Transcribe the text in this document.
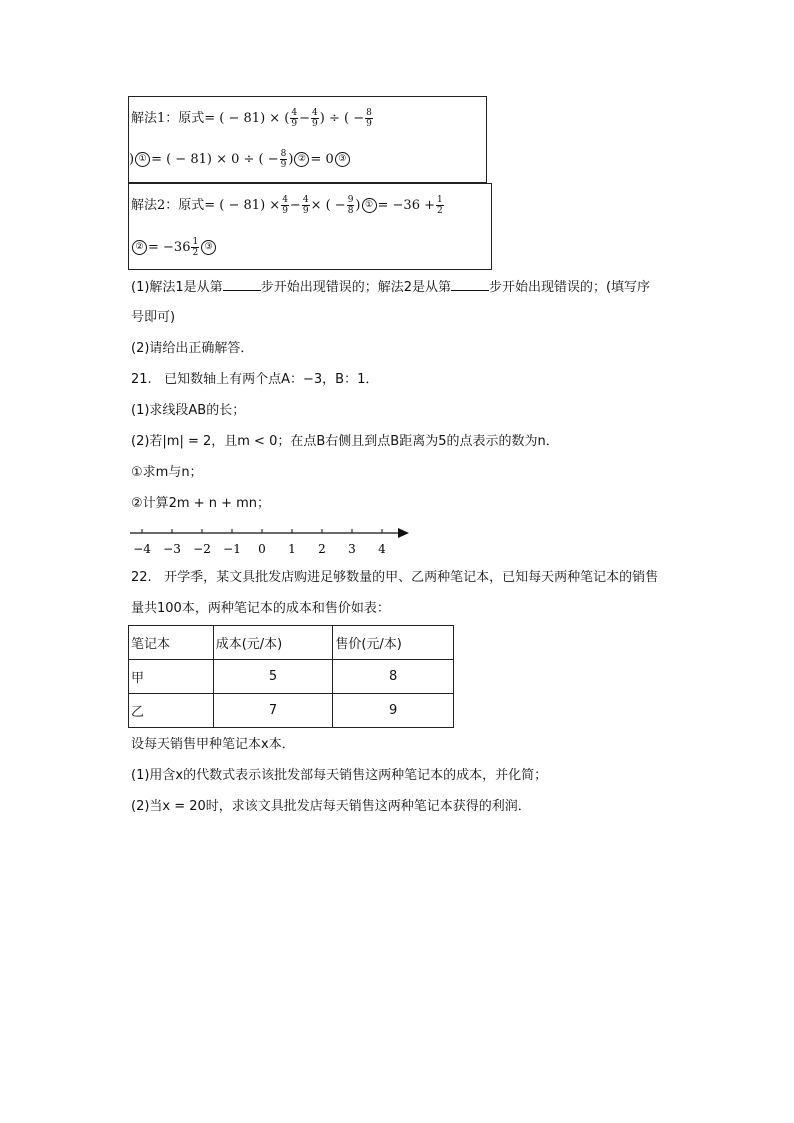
解法1：原式= ( − 81) × ( $\frac{4}{9} - \frac{4}{9}$ ) ÷ ( − $\frac{8}{9}$
) ① = ( − 81) × 0 ÷ ( − $\frac{8}{9}$ ) ② = 0 ③
解法2：原式= ( − $81) \times \frac{4}{9} - \frac{4}{9}$ × ( − $\frac{9}{8}$ ) ① = $-36 + \frac{1}{2}$
② = $-36 \frac{1}{2}$ ③
(1)解法1是从第	步开始出现错误的；解法2是从第	步开始出现错误的；(填写序
号即可)
(2)请给出正确解答．
21. 已知数轴上有两个点A：−3，B：1．
(1)求线段AB的长；
(2)若|m| = 2，且m < 0；在点B右侧且到点B距离为5的点表示的数为n．
①求m与n；
②计算2m + n + mn；
−4 −3 −2 −1 0 1 2 3 4
22. 开学季，某文具批发店购进足够数量的甲、乙两种笔记本，已知每天两种笔记本的销售
量共100本，两种笔记本的成本和售价如表：
笔记本	成本(元/本)	售价(元/本)
甲	5	8
乙	7	9
设每天销售甲种笔记本x本．
(1)用含x的代数式表示该批发部每天销售这两种笔记本的成本，并化简；
(2)当x = 20时，求该文具批发店每天销售这两种笔记本获得的利润．
